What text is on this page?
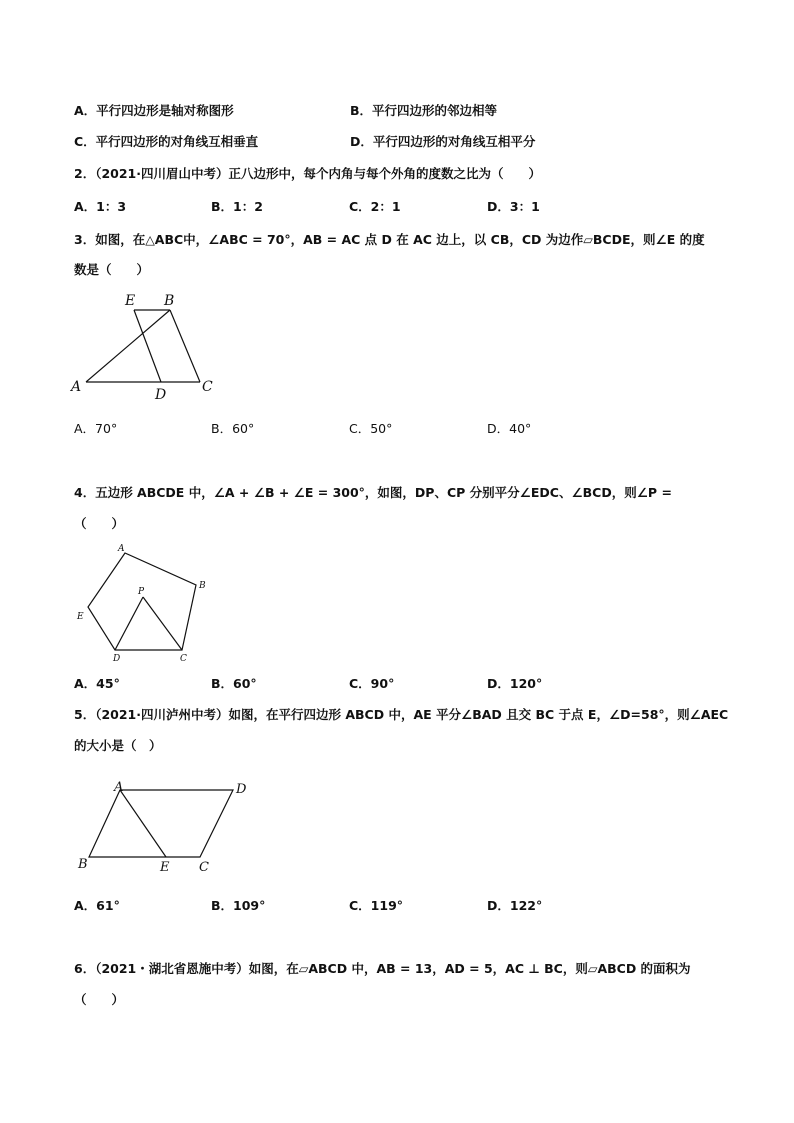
A．平行四边形是轴对称图形	B．平行四边形的邻边相等
C．平行四边形的对角线互相垂直	D．平行四边形的对角线互相平分
2．（2021·四川眉山中考）正八边形中，每个内角与每个外角的度数之比为（　　）
A．1：3	B．1：2	C．2：1	D．3：1
3．如图，在△ABC中，∠ABC = 70°，AB = AC 点 D 在 AC 边上，以 CB，CD 为边作▱BCDE，则∠E 的度
数是（　　）
E B
A	D	C
A．70°	B．60°	C．50°	D．40°
4．五边形 ABCDE 中，∠A + ∠B + ∠E = 300°，如图，DP、CP 分别平分∠EDC、∠BCD，则∠P =
（　　）
A
B
P
E
D	C
A．45°	B．60°	C．90°	D．120°
5．（2021·四川泸州中考）如图，在平行四边形 ABCD 中，AE 平分∠BAD 且交 BC 于点 E，∠D=58°，则∠AEC
的大小是（　）
A	D
B	E C
A．61°	B．109°	C．119°	D．122°
6．（2021・湖北省恩施中考）如图，在▱ABCD 中，AB = 13，AD = 5，AC ⊥ BC，则▱ABCD 的面积为
（　　）
